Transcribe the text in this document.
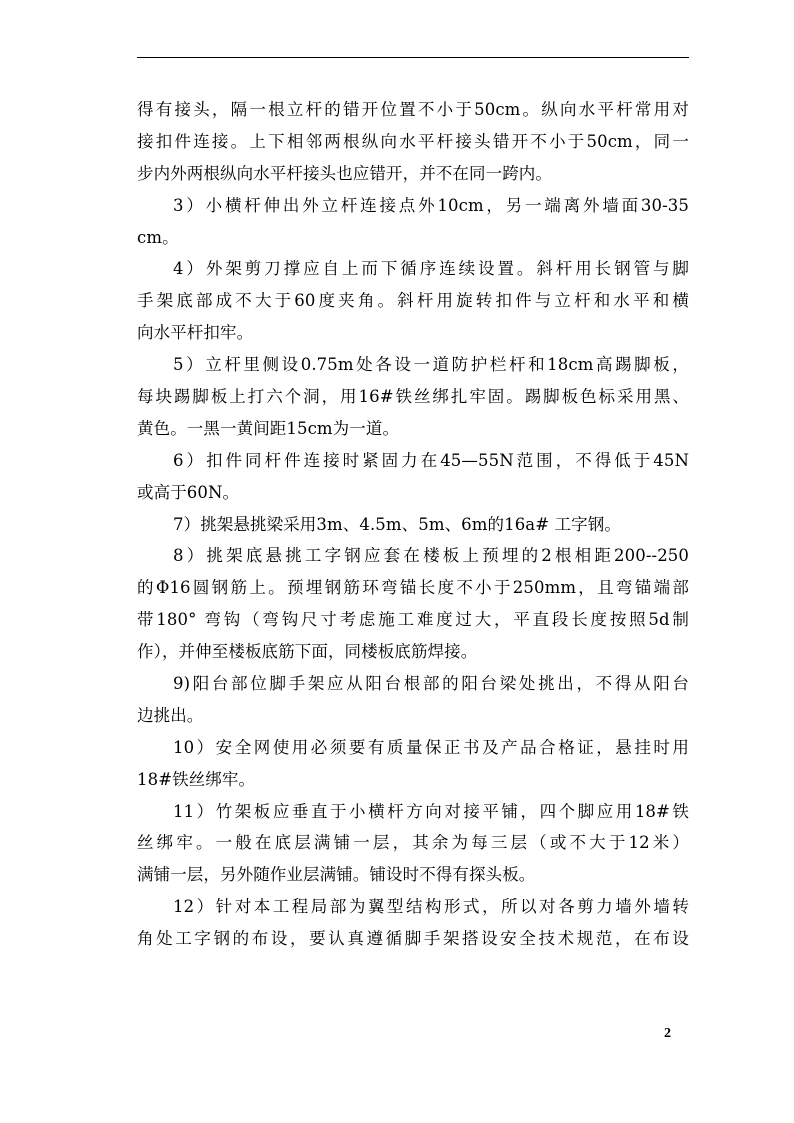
得有接头，隔一根立杆的错开位置不小于50cm。纵向水平杆常用对
接扣件连接。上下相邻两根纵向水平杆接头错开不小于50cm，同一
步内外两根纵向水平杆接头也应错开，并不在同一跨内。
3）小横杆伸出外立杆连接点外10cm，另一端离外墙面30-35
cm。
4）外架剪刀撑应自上而下循序连续设置。斜杆用长钢管与脚
手架底部成不大于60度夹角。斜杆用旋转扣件与立杆和水平和横
向水平杆扣牢。
5）立杆里侧设0.75m处各设一道防护栏杆和18cm高踢脚板，
每块踢脚板上打六个洞，用16#铁丝绑扎牢固。踢脚板色标采用黑、
黄色。一黑一黄间距15cm为一道。
6）扣件同杆件连接时紧固力在45—55N范围，不得低于45N
或高于60N。
7）挑架悬挑梁采用3m、4.5m、5m、6m的16a# 工字钢。
8）挑架底悬挑工字钢应套在楼板上预埋的2根相距200--250
的Φ16圆钢筋上。预埋钢筋环弯锚长度不小于250mm，且弯锚端部
带180° 弯钩（弯钩尺寸考虑施工难度过大，平直段长度按照5d制
作），并伸至楼板底筋下面，同楼板底筋焊接。
9)阳台部位脚手架应从阳台根部的阳台梁处挑出，不得从阳台
边挑出。
10）安全网使用必须要有质量保正书及产品合格证，悬挂时用
18#铁丝绑牢。
11）竹架板应垂直于小横杆方向对接平铺，四个脚应用18#铁
丝绑牢。一般在底层满铺一层，其余为每三层（或不大于12米）
满铺一层，另外随作业层满铺。铺设时不得有探头板。
12）针对本工程局部为翼型结构形式，所以对各剪力墙外墙转
角处工字钢的布设，要认真遵循脚手架搭设安全技术规范，在布设
2
